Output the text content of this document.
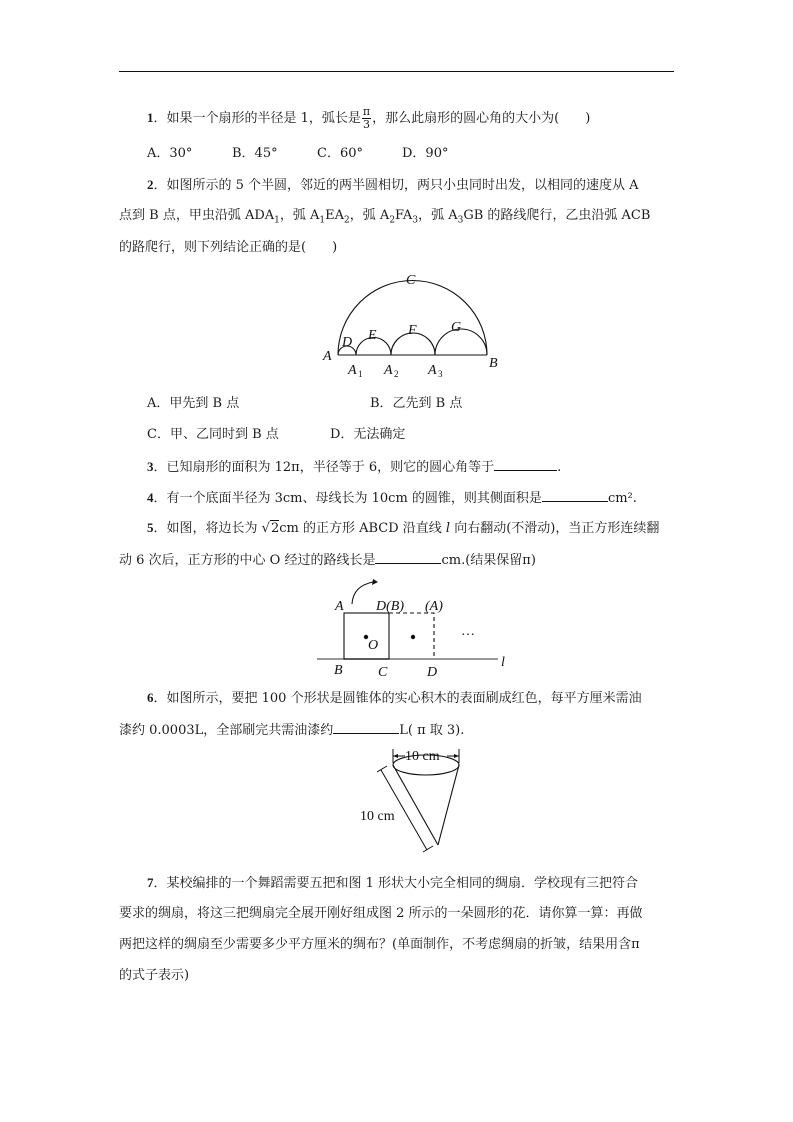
1．如果一个扇形的半径是 1，弧长是 $\frac{\pi}{3}$ ，那么此扇形的圆心角的大小为(　　)
A．30°	B．45°	C．60°	D．90°
2．如图所示的 5 个半圆，邻近的两半圆相切，两只小虫同时出发，以相同的速度从 A
点到 B 点，甲虫沿弧 $ADA_1$，弧 $A_1EA_2$，弧 $A_2FA_3$，弧 $A_3GB$ 的路线爬行，乙虫沿弧 ACB
的路爬行，则下列结论正确的是(　　)
C
D E F G
A	B
A 1 A 2 A 3
A．甲先到 B 点	B．乙先到 B 点
C．甲、乙同时到 B 点	D．无法确定
3．已知扇形的面积为 12π，半径等于 6，则它的圆心角等于	.
4．有一个底面半径为 3cm、母线长为 10cm 的圆锥，则其侧面积是	cm².
5．如图，将边长为 √2cm 的正方形 ABCD 沿直线 l 向右翻动(不滑动)，当正方形连续翻
动 6 次后，正方形的中心 O 经过的路线长是	cm.(结果保留π)
A D(B) (A)
O
B	C	D
l
···
6．如图所示，要把 100 个形状是圆锥体的实心积木的表面刷成红色，每平方厘米需油
漆约 0.0003L，全部刷完共需油漆约	L( π 取 3).
10 cm
10 cm
7．某校编排的一个舞蹈需要五把和图 1 形状大小完全相同的绸扇．学校现有三把符合
要求的绸扇，将这三把绸扇完全展开刚好组成图 2 所示的一朵圆形的花．请你算一算：再做
两把这样的绸扇至少需要多少平方厘米的绸布？(单面制作，不考虑绸扇的折皱，结果用含π
的式子表示)
